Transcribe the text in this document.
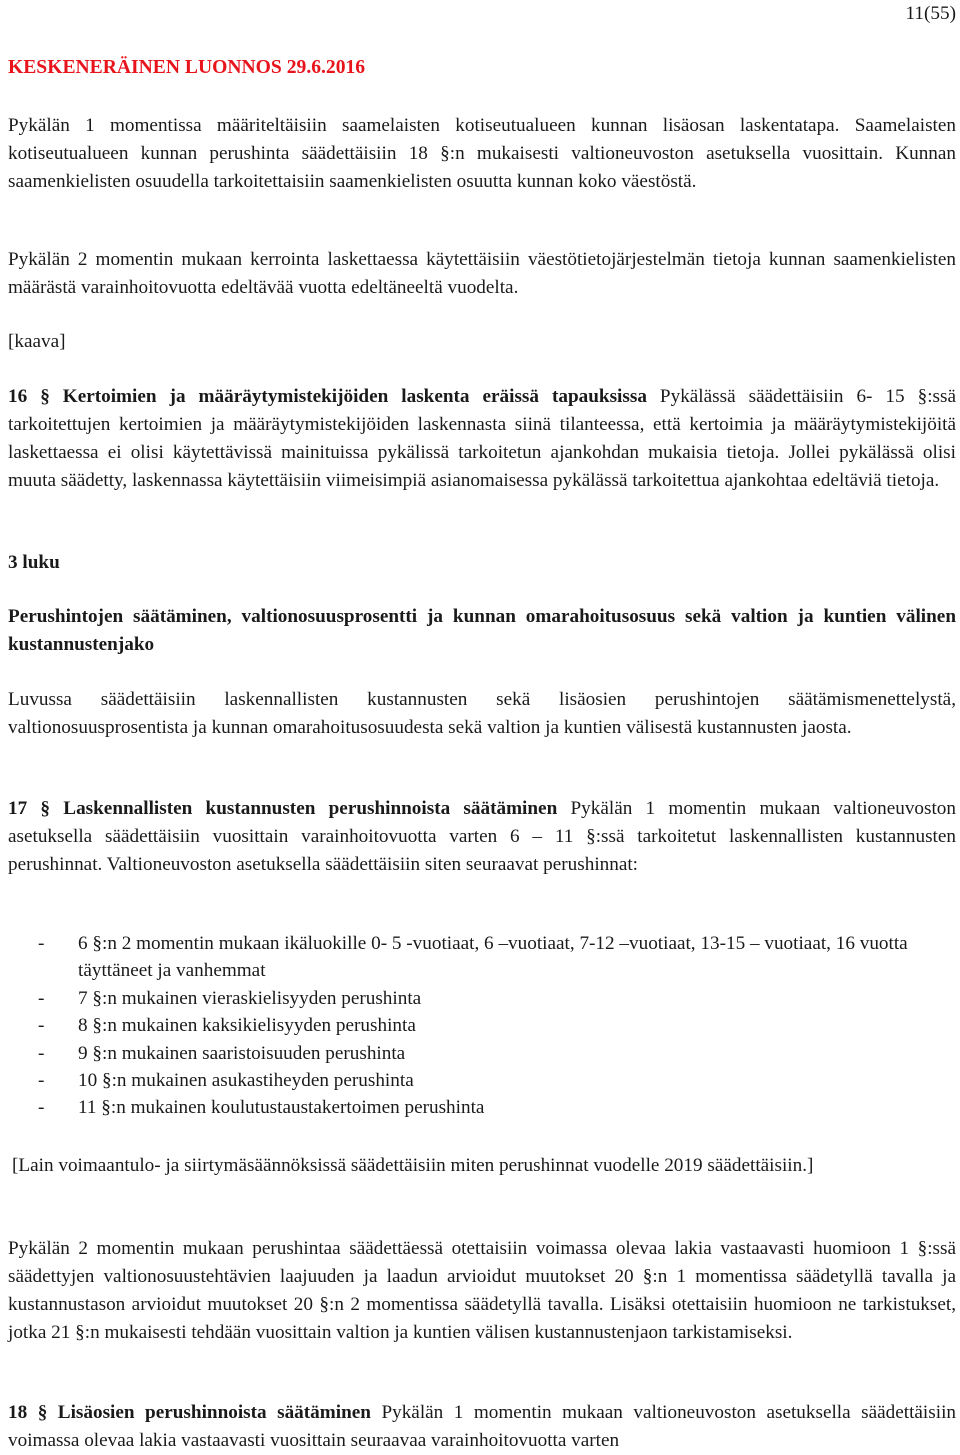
11(55)
KESKENERÄINEN LUONNOS 29.6.2016

Pykälän 1 momentissa määriteltäisiin saamelaisten kotiseutualueen kunnan lisäosan laskentatapa. Saamelaisten kotiseutualueen kunnan perushinta säädettäisiin 18 §:n mukaisesti valtioneuvoston asetuksella vuosittain. Kunnan saamenkielisten osuudella tarkoitettaisiin saamenkielisten osuutta kunnan koko väestöstä.

Pykälän 2 momentin mukaan kerrointa laskettaessa käytettäisiin väestötietojärjestelmän tietoja kunnan saamenkielisten määrästä varainhoitovuotta edeltävää vuotta edeltäneeltä vuodelta.

[kaava]

16 § Kertoimien ja määräytymistekijöiden laskenta eräissä tapauksissa Pykälässä säädettäisiin 6- 15 §:ssä tarkoitettujen kertoimien ja määräytymistekijöiden laskennasta siinä tilanteessa, että kertoimia ja määräytymistekijöitä laskettaessa ei olisi käytettävissä mainituissa pykälissä tarkoitetun ajankohdan mukaisia tietoja. Jollei pykälässä olisi muuta säädetty, laskennassa käytettäisiin viimeisimpiä asianomaisessa pykälässä tarkoitettua ajankohtaa edeltäviä tietoja.

3 luku

Perushintojen säätäminen, valtionosuusprosentti ja kunnan omarahoitusosuus sekä valtion ja kuntien välinen kustannustenjako

Luvussa säädettäisiin laskennallisten kustannusten sekä lisäosien perushintojen säätämismenettelystä, valtionosuusprosentista ja kunnan omarahoitusosuudesta sekä valtion ja kuntien välisestä kustannusten jaosta.

17 § Laskennallisten kustannusten perushinnoista säätäminen Pykälän 1 momentin mukaan valtioneuvoston asetuksella säädettäisiin vuosittain varainhoitovuotta varten 6 – 11 §:ssä tarkoitetut laskennallisten kustannusten perushinnat. Valtioneuvoston asetuksella säädettäisiin siten seuraavat perushinnat:

- 6 §:n 2 momentin mukaan ikäluokille 0- 5 -vuotiaat, 6 –vuotiaat, 7-12 –vuotiaat, 13-15 – vuotiaat, 16 vuotta täyttäneet ja vanhemmat
- 7 §:n mukainen vieraskielisyyden perushinta
- 8 §:n mukainen kaksikielisyyden perushinta
- 9 §:n mukainen saaristoisuuden perushinta
- 10 §:n mukainen asukastiheyden perushinta
- 11 §:n mukainen koulutustaustakertoimen perushinta

[Lain voimaantulo- ja siirtymäsäännöksissä säädettäisiin miten perushinnat vuodelle 2019 säädettäisiin.]

Pykälän 2 momentin mukaan perushintaa säädettäessä otettaisiin voimassa olevaa lakia vastaavasti huomioon 1 §:ssä säädettyjen valtionosuustehtävien laajuuden ja laadun arvioidut muutokset 20 §:n 1 momentissa säädetyllä tavalla ja kustannustason arvioidut muutokset 20 §:n 2 momentissa säädetyllä tavalla. Lisäksi otettaisiin huomioon ne tarkistukset, jotka 21 §:n mukaisesti tehdään vuosittain valtion ja kuntien välisen kustannustenjaon tarkistamiseksi.

18 § Lisäosien perushinnoista säätäminen Pykälän 1 momentin mukaan valtioneuvoston asetuksella säädettäisiin voimassa olevaa lakia vastaavasti vuosittain seuraavaa varainhoitovuotta varten
